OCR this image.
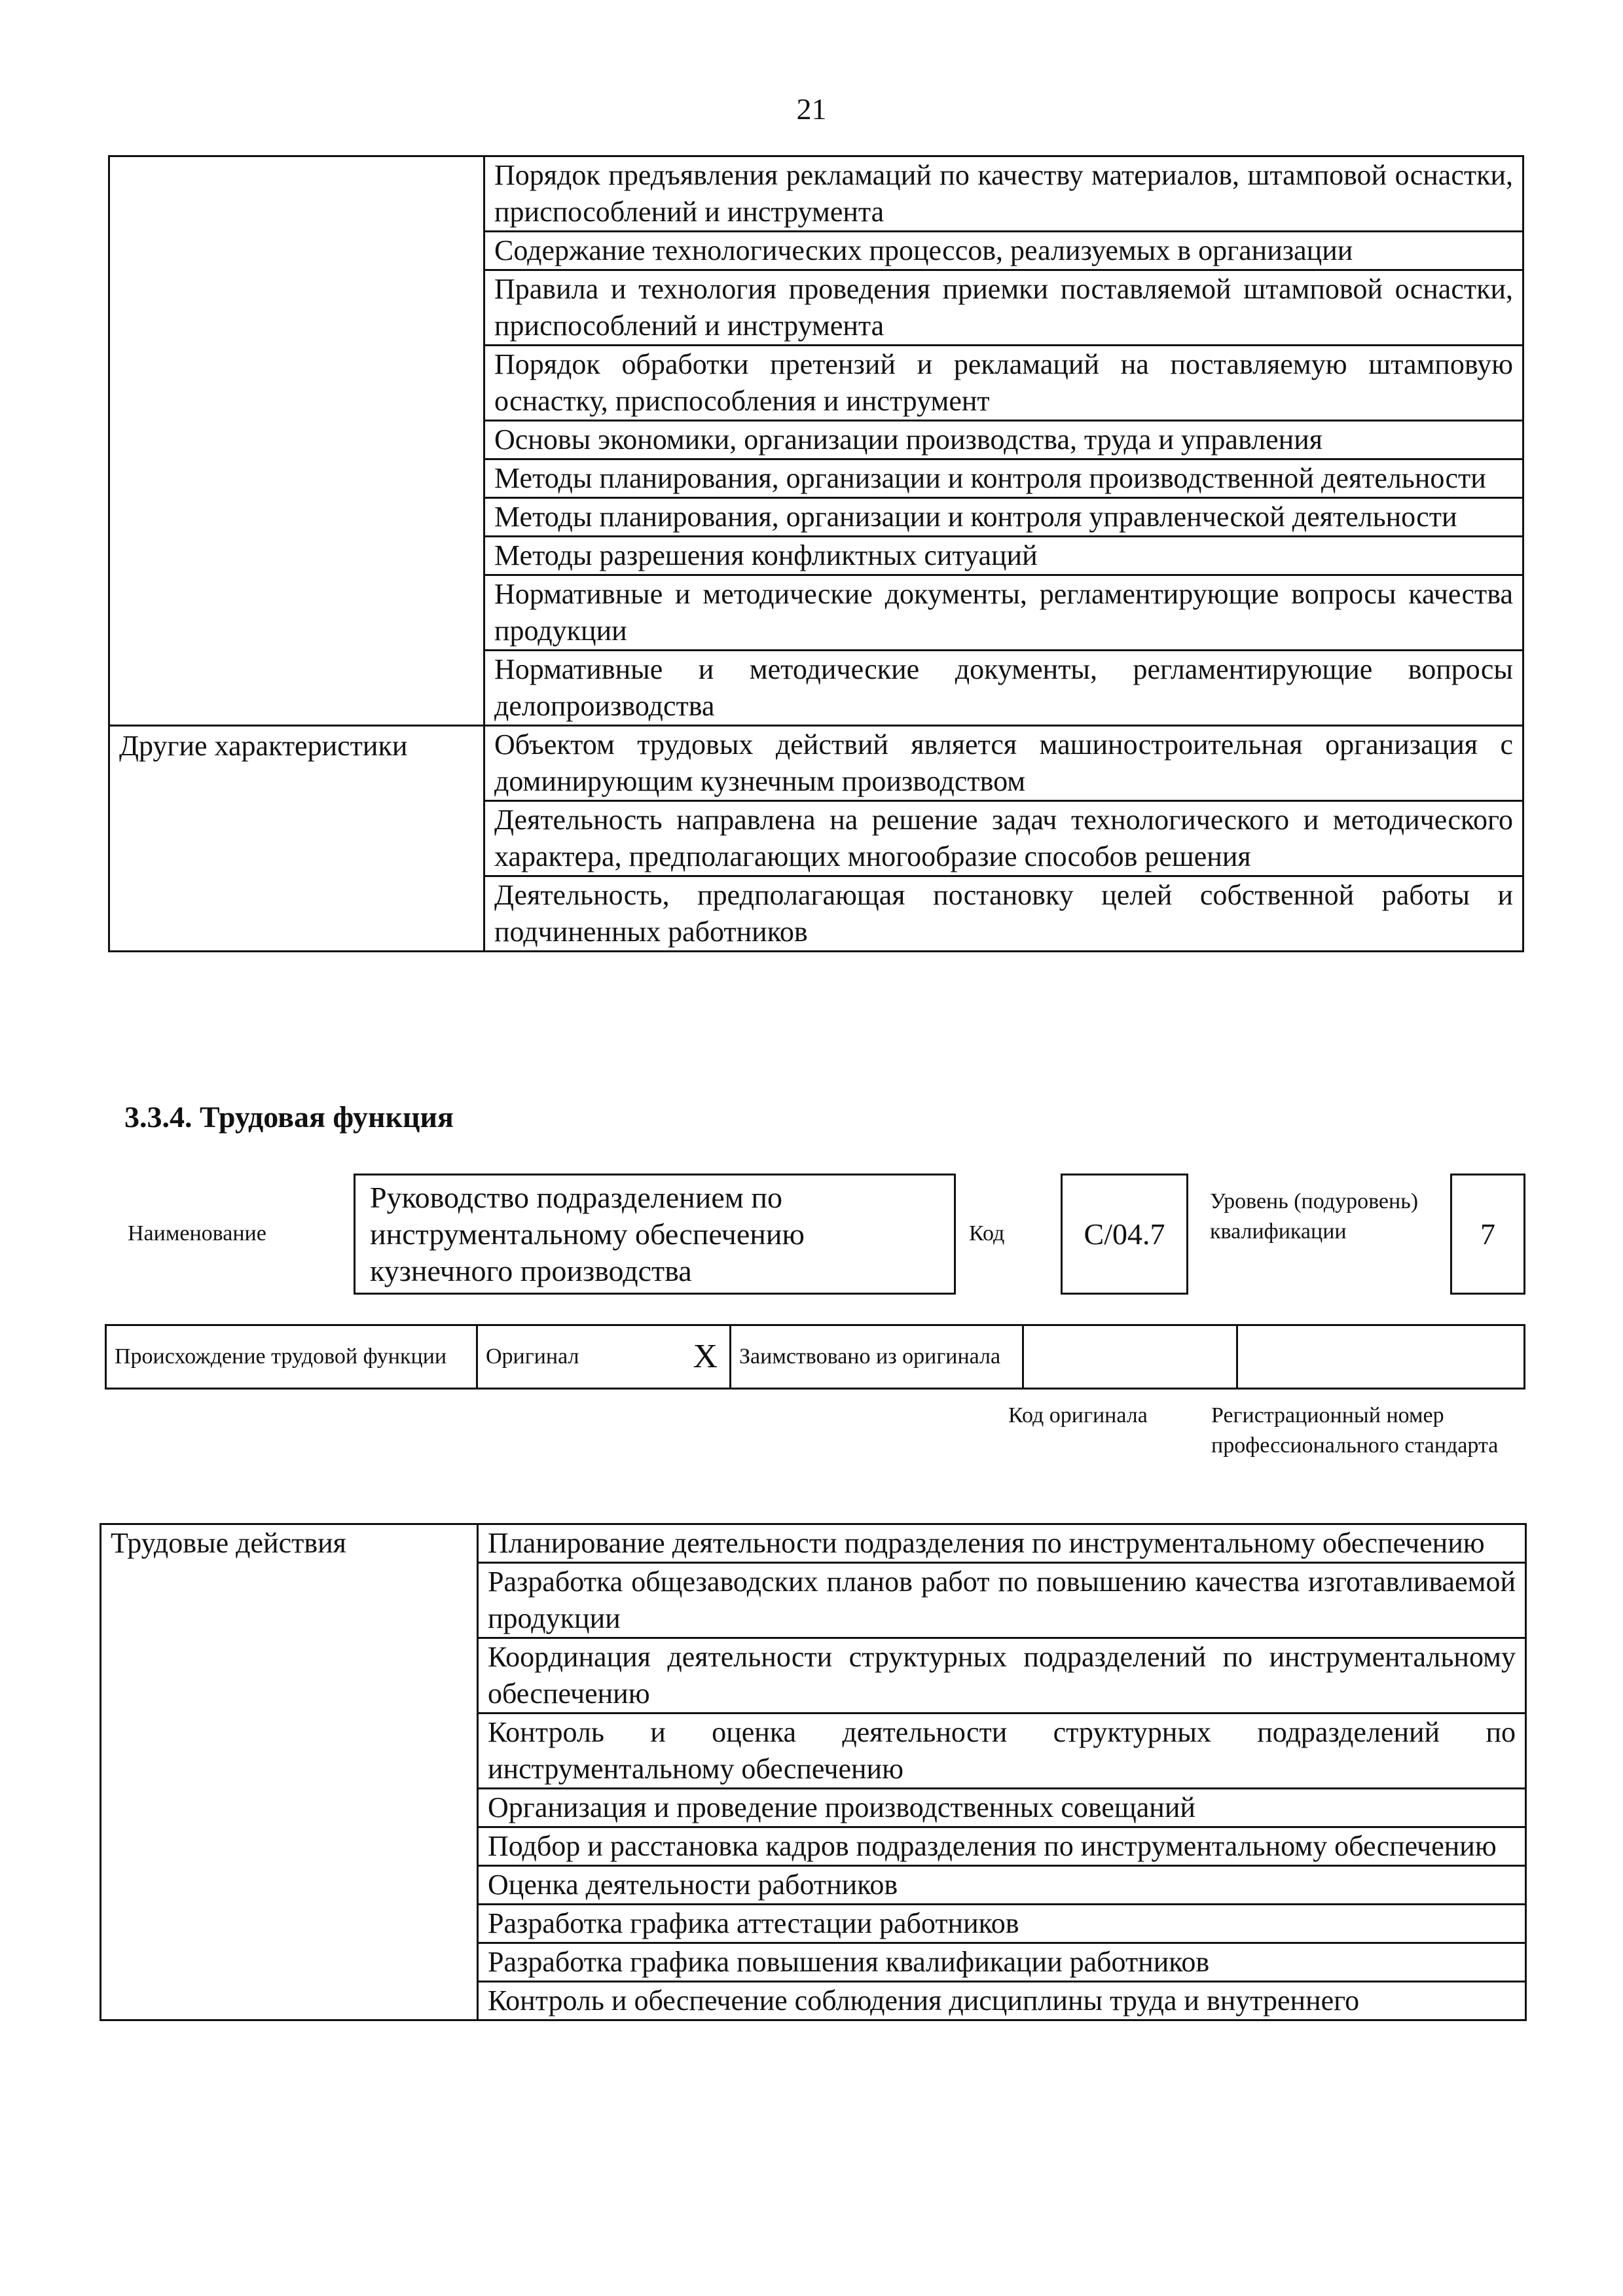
21
	Порядок предъявления рекламаций по качеству материалов, штамповой оснастки, приспособлений и инструмента
	Содержание технологических процессов, реализуемых в организации
	Правила и технология проведения приемки поставляемой штамповой оснастки, приспособлений и инструмента
	Порядок обработки претензий и рекламаций на поставляемую штамповую оснастку, приспособления и инструмент
	Основы экономики, организации производства, труда и управления
	Методы планирования, организации и контроля производственной деятельности
	Методы планирования, организации и контроля управленческой деятельности
	Методы разрешения конфликтных ситуаций
	Нормативные и методические документы, регламентирующие вопросы качества продукции
	Нормативные и методические документы, регламентирующие вопросы делопроизводства
Другие характеристики	Объектом трудовых действий является машиностроительная организация с доминирующим кузнечным производством
	Деятельность направлена на решение задач технологического и методического характера, предполагающих многообразие способов решения
	Деятельность, предполагающая постановку целей собственной работы и подчиненных работников
3.3.4. Трудовая функция
Наименование
Руководство подразделением по инструментальному обеспечению кузнечного производства
Код	С/04.7
Уровень (подуровень) квалификации	7
Происхождение трудовой функции	Оригинал	X	Заимствовано из оригинала		
Код оригинала	Регистрационный номер профессионального стандарта
Трудовые действия	Планирование деятельности подразделения по инструментальному обеспечению
Разработка общезаводских планов работ по повышению качества изготавливаемой продукции
Координация деятельности структурных подразделений по инструментальному обеспечению
Контроль и оценка деятельности структурных подразделений по инструментальному обеспечению
Организация и проведение производственных совещаний
Подбор и расстановка кадров подразделения по инструментальному обеспечению
Оценка деятельности работников
Разработка графика аттестации работников
Разработка графика повышения квалификации работников
Контроль и обеспечение соблюдения дисциплины труда и внутреннего
